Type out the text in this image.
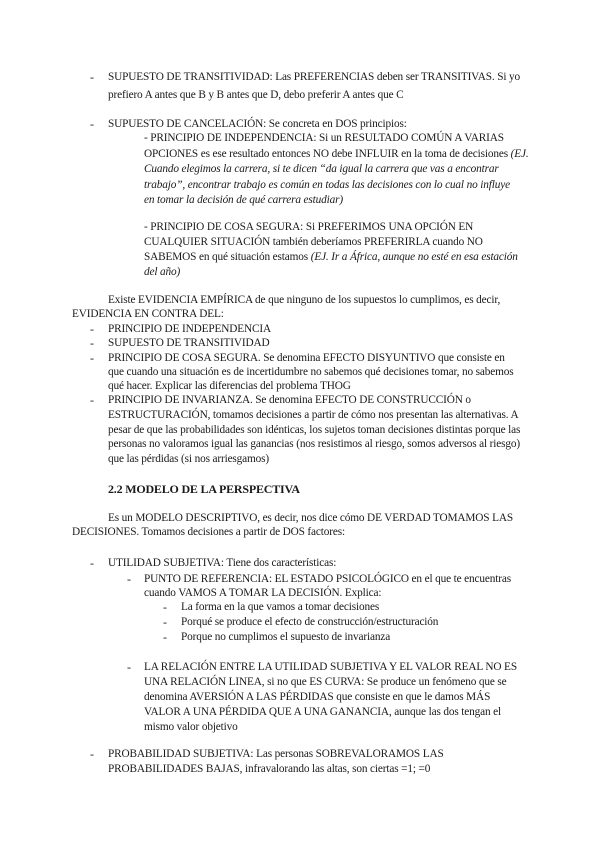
- SUPUESTO DE TRANSITIVIDAD: Las PREFERENCIAS deben ser TRANSITIVAS. Si yo
prefiero A antes que B y B antes que D, debo preferir A antes que C
- SUPUESTO DE CANCELACIÓN: Se concreta en DOS principios:
- PRINCIPIO DE INDEPENDENCIA: Si un RESULTADO COMÚN A VARIAS
OPCIONES es ese resultado entonces NO debe INFLUIR en la toma de decisiones (EJ.
Cuando elegimos la carrera, si te dicen “da igual la carrera que vas a encontrar
trabajo”, encontrar trabajo es común en todas las decisiones con lo cual no influye
en tomar la decisión de qué carrera estudiar)
- PRINCIPIO DE COSA SEGURA: Si PREFERIMOS UNA OPCIÓN EN
CUALQUIER SITUACIÓN también deberíamos PREFERIRLA cuando NO
SABEMOS en qué situación estamos (EJ. Ir a África, aunque no esté en esa estación
del año)
Existe EVIDENCIA EMPÍRICA de que ninguno de los supuestos lo cumplimos, es decir,
EVIDENCIA EN CONTRA DEL:
- PRINCIPIO DE INDEPENDENCIA
- SUPUESTO DE TRANSITIVIDAD
- PRINCIPIO DE COSA SEGURA. Se denomina EFECTO DISYUNTIVO que consiste en
que cuando una situación es de incertidumbre no sabemos qué decisiones tomar, no sabemos
qué hacer. Explicar las diferencias del problema THOG
- PRINCIPIO DE INVARIANZA. Se denomina EFECTO DE CONSTRUCCIÓN o
ESTRUCTURACIÓN, tomamos decisiones a partir de cómo nos presentan las alternativas. A
pesar de que las probabilidades son idénticas, los sujetos toman decisiones distintas porque las
personas no valoramos igual las ganancias (nos resistimos al riesgo, somos adversos al riesgo)
que las pérdidas (si nos arriesgamos)
2.2 MODELO DE LA PERSPECTIVA
Es un MODELO DESCRIPTIVO, es decir, nos dice cómo DE VERDAD TOMAMOS LAS
DECISIONES. Tomamos decisiones a partir de DOS factores:
- UTILIDAD SUBJETIVA: Tiene dos características:
- PUNTO DE REFERENCIA: EL ESTADO PSICOLÓGICO en el que te encuentras
cuando VAMOS A TOMAR LA DECISIÓN. Explica:
- La forma en la que vamos a tomar decisiones
- Porqué se produce el efecto de construcción/estructuración
- Porque no cumplimos el supuesto de invarianza
- LA RELACIÓN ENTRE LA UTILIDAD SUBJETIVA Y EL VALOR REAL NO ES
UNA RELACIÓN LINEA, si no que ES CURVA: Se produce un fenómeno que se
denomina AVERSIÓN A LAS PÉRDIDAS que consiste en que le damos MÁS
VALOR A UNA PÉRDIDA QUE A UNA GANANCIA, aunque las dos tengan el
mismo valor objetivo
- PROBABILIDAD SUBJETIVA: Las personas SOBREVALORAMOS LAS
PROBABILIDADES BAJAS, infravalorando las altas, son ciertas =1; =0
